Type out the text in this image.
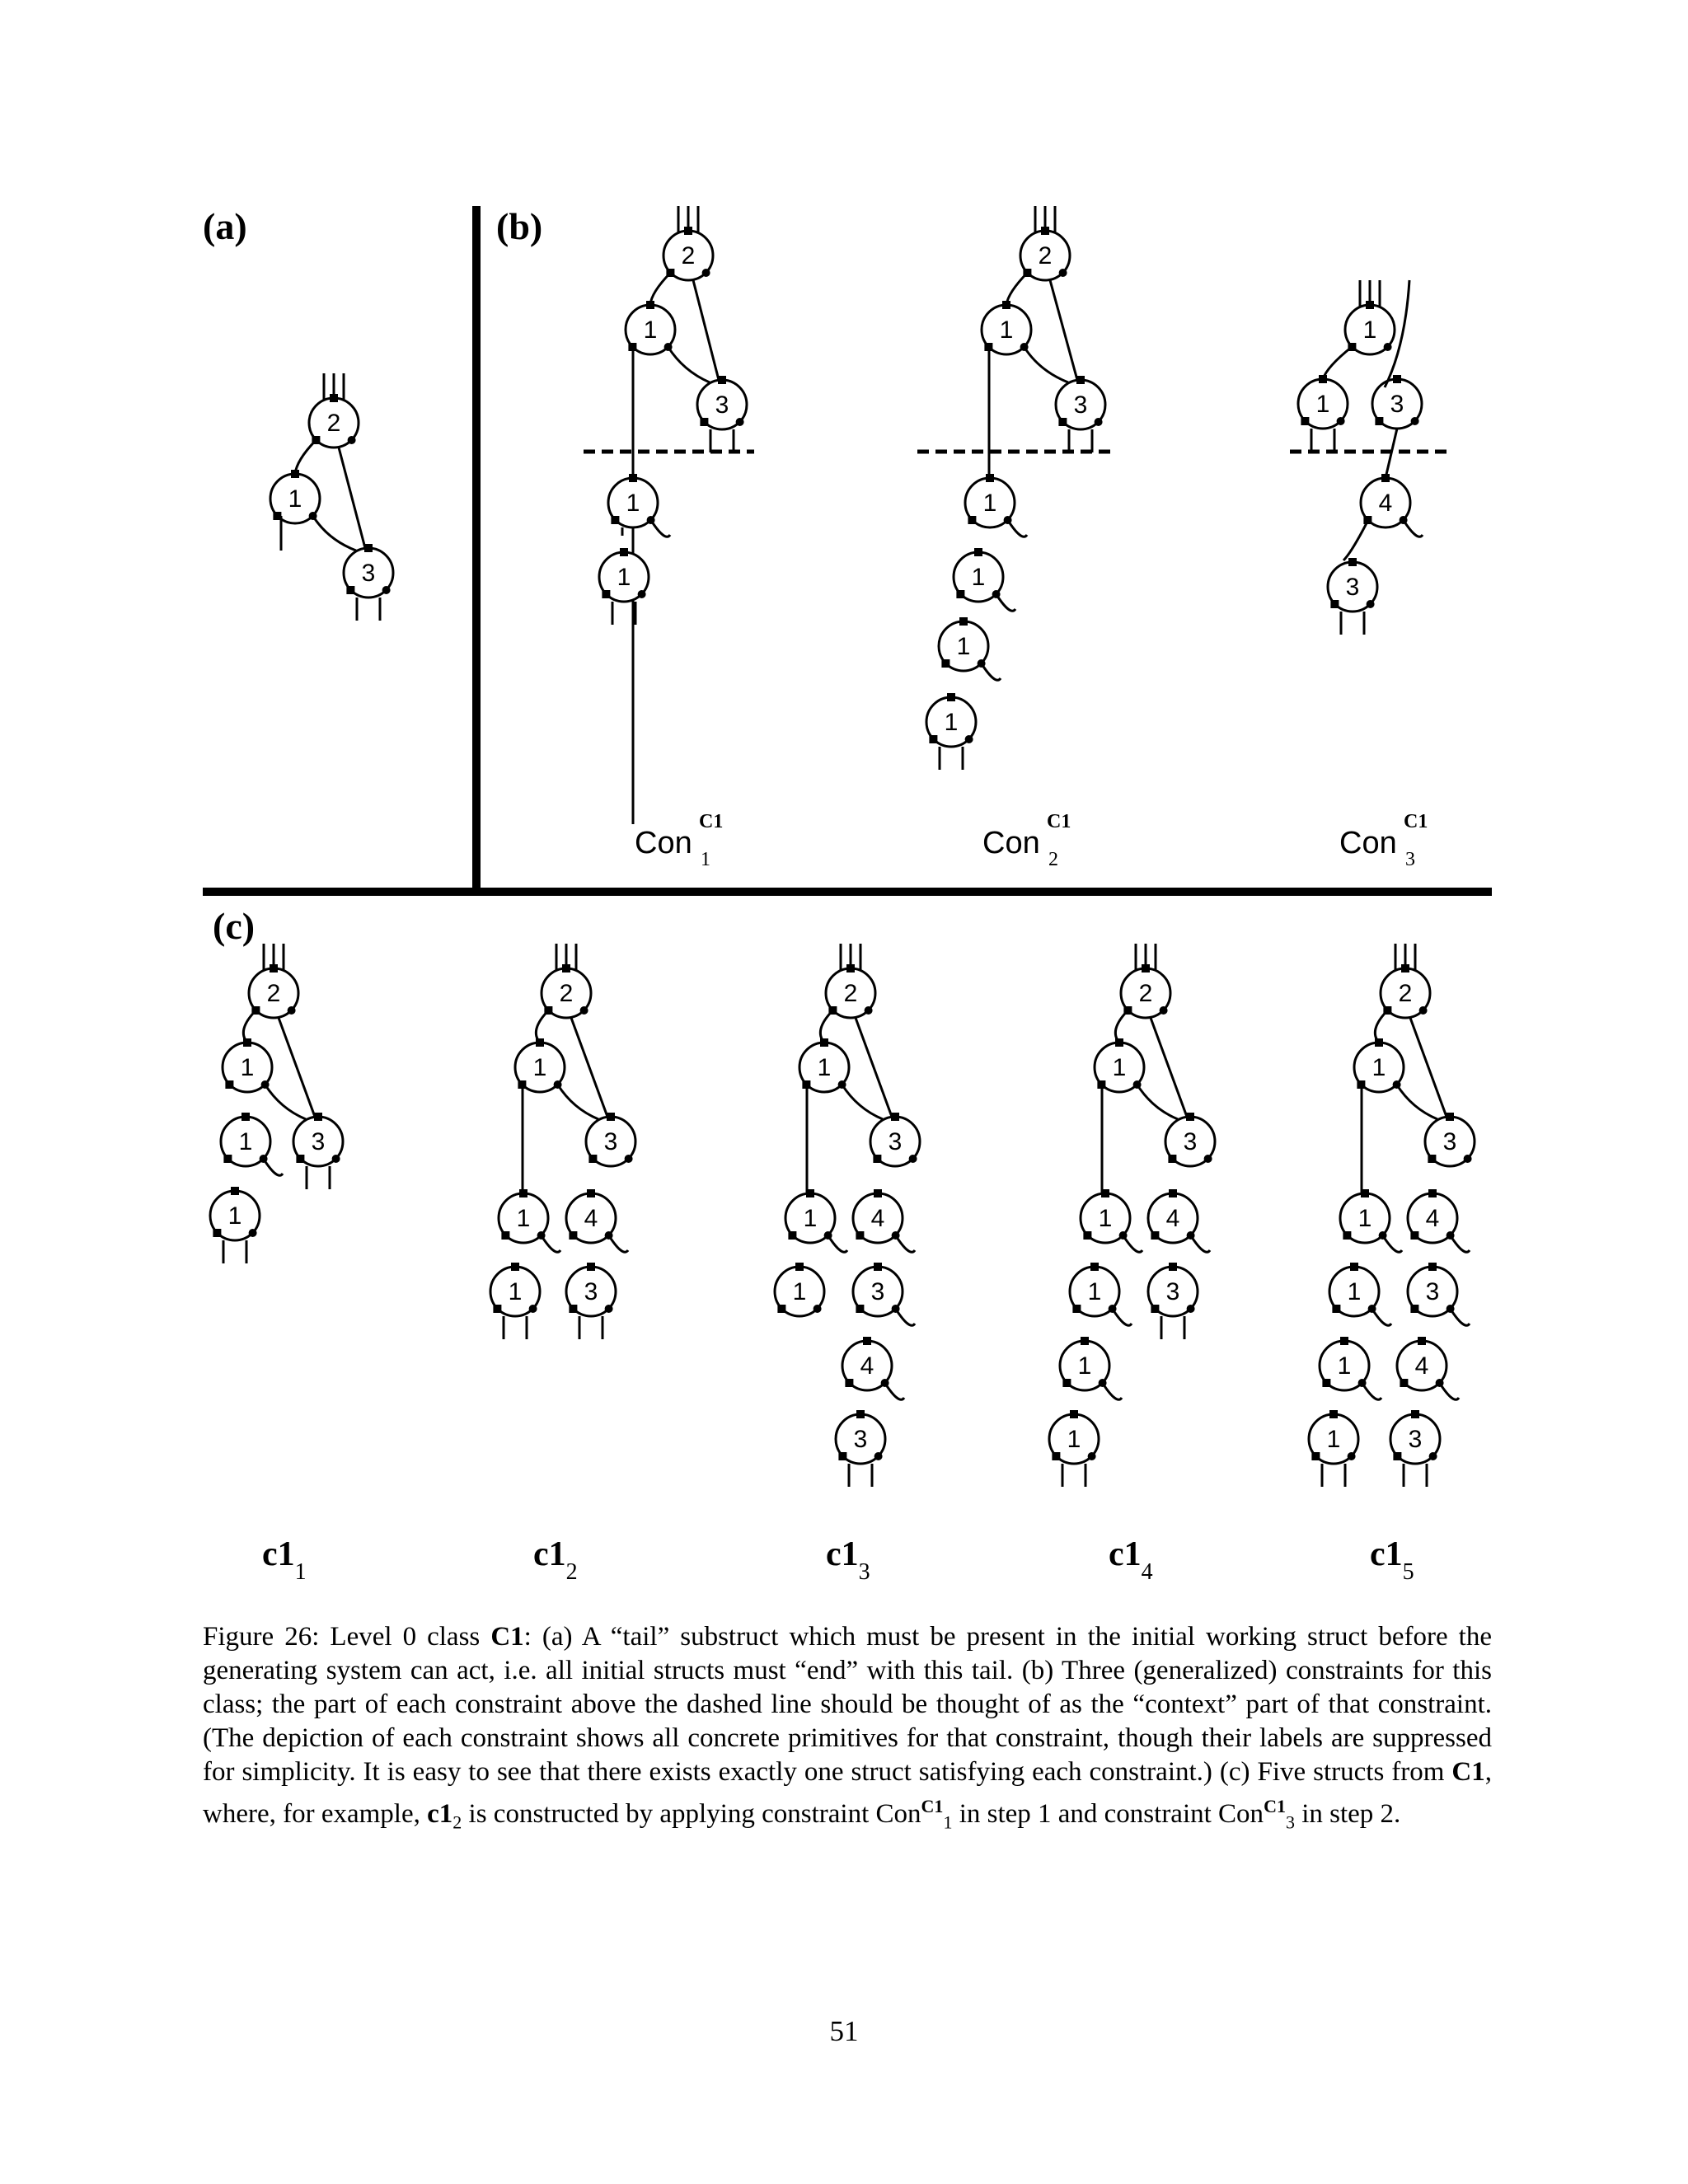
2
1
3
2
1
3
1
1
2
1
3
1
1
1
1
1
1 3
4
3
2
1
3
1
1
2
1
3
1 4
1	3
2
1
3
1 4
1	3
4
3
2
1
3
1 4
1	3
1
1
2
1
3
1 4
1	3
1	4
1	3
(a)	(b)
(c)
Con
C1
1	Con
C1
2	Con
C1
3
$c1_1$	$c1_2$	$c1_3$	$c1_4$	$c1_5$
Figure 26: Level 0 class C1: (a) A “tail” substruct which must be present in the initial working struct before the generating system can act, i.e. all initial structs must “end” with this tail. (b) Three (generalized) constraints for this class; the part of each constraint above the dashed line should be thought of as the “context” part of that constraint. (The depiction of each constraint shows all concrete primitives for that constraint, though their labels are suppressed for simplicity. It is easy to see that there exists exactly one struct satisfying each constraint.) (c) Five structs from C1, where, for example, $c1_2$ is constructed by applying constraint Con$^{C1}_1$ in step 1 and constraint Con$^{C1}_3$ in step 2.
51
